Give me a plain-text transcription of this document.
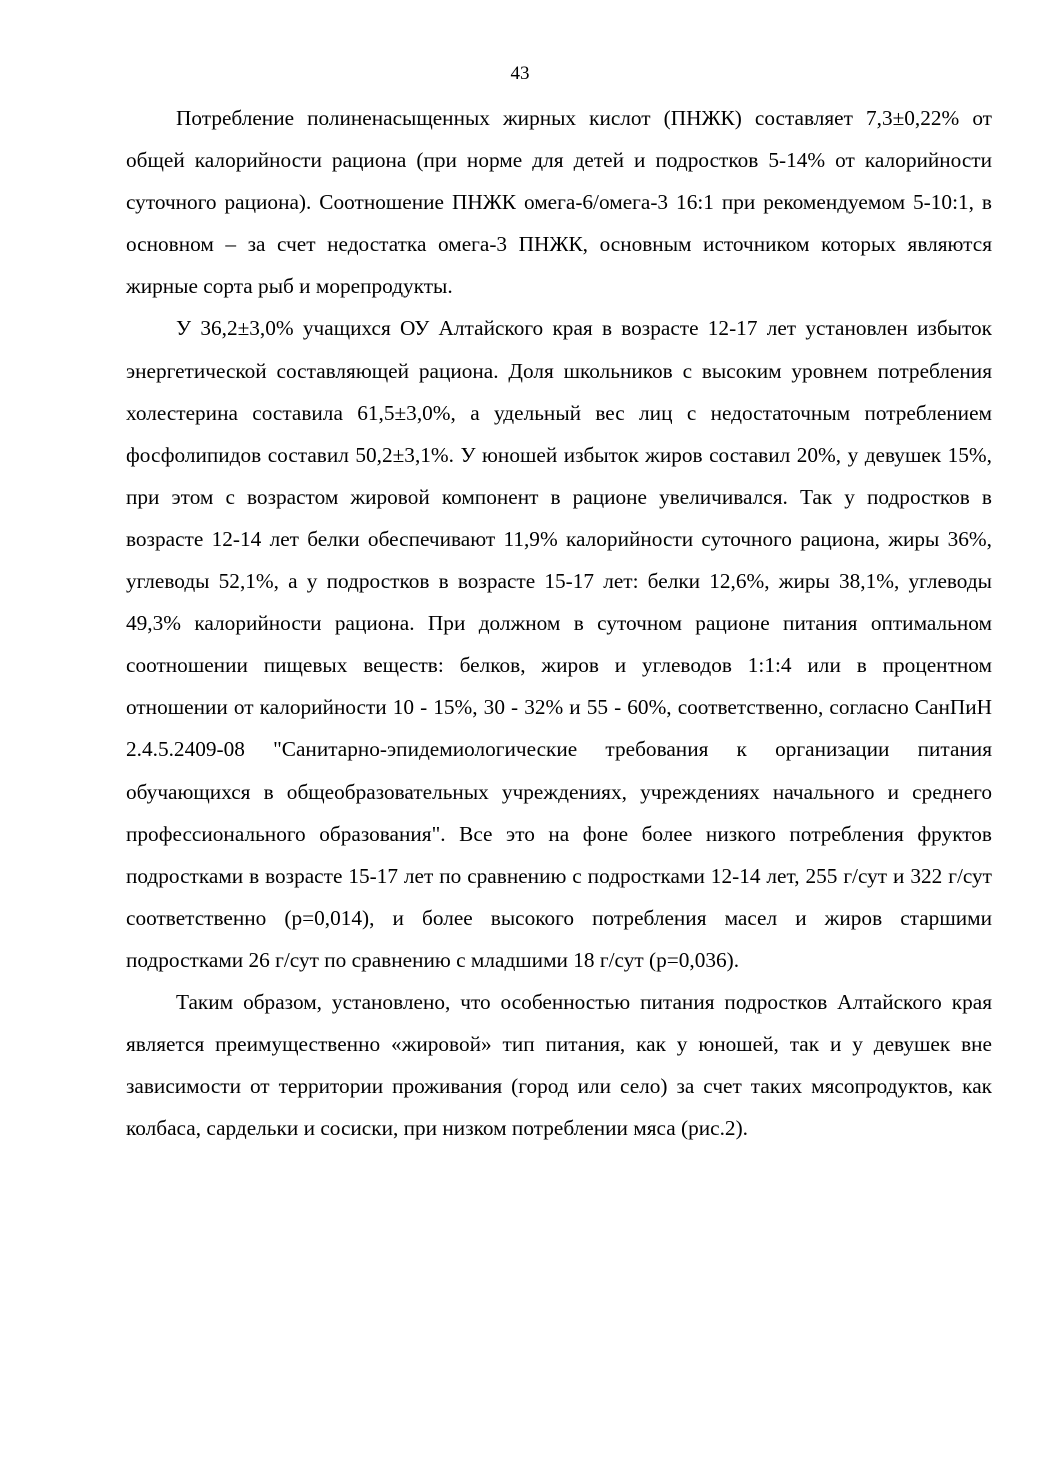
43

Потребление полиненасыщенных жирных кислот (ПНЖК) составляет 7,3±0,22% от общей калорийности рациона (при норме для детей и подростков 5-14% от калорийности суточного рациона). Соотношение ПНЖК омега-6/омега-3 16:1 при рекомендуемом 5-10:1, в основном – за счет недостатка омега-3 ПНЖК, основным источником которых являются жирные сорта рыб и морепродукты.

У 36,2±3,0% учащихся ОУ Алтайского края в возрасте 12-17 лет установлен избыток энергетической составляющей рациона. Доля школьников с высоким уровнем потребления холестерина составила 61,5±3,0%, а удельный вес лиц с недостаточным потреблением фосфолипидов составил 50,2±3,1%. У юношей избыток жиров составил 20%, у девушек 15%, при этом с возрастом жировой компонент в рационе увеличивался. Так у подростков в возрасте 12-14 лет белки обеспечивают 11,9% калорийности суточного рациона, жиры 36%, углеводы 52,1%, а у подростков в возрасте 15-17 лет: белки 12,6%, жиры 38,1%, углеводы 49,3% калорийности рациона. При должном в суточном рационе питания оптимальном соотношении пищевых веществ: белков, жиров и углеводов 1:1:4 или в процентном отношении от калорийности 10 - 15%, 30 - 32% и 55 - 60%, соответственно, согласно СанПиН 2.4.5.2409-08 "Санитарно-эпидемиологические требования к организации питания обучающихся в общеобразовательных учреждениях, учреждениях начального и среднего профессионального образования". Все это на фоне более низкого потребления фруктов подростками в возрасте 15-17 лет по сравнению с подростками 12-14 лет, 255 г/сут и 322 г/сут соответственно (р=0,014), и более высокого потребления масел и жиров старшими подростками 26 г/сут по сравнению с младшими 18 г/сут (р=0,036).

Таким образом, установлено, что особенностью питания подростков Алтайского края является преимущественно «жировой» тип питания, как у юношей, так и у девушек вне зависимости от территории проживания (город или село) за счет таких мясопродуктов, как колбаса, сардельки и сосиски, при низком потреблении мяса (рис.2).
